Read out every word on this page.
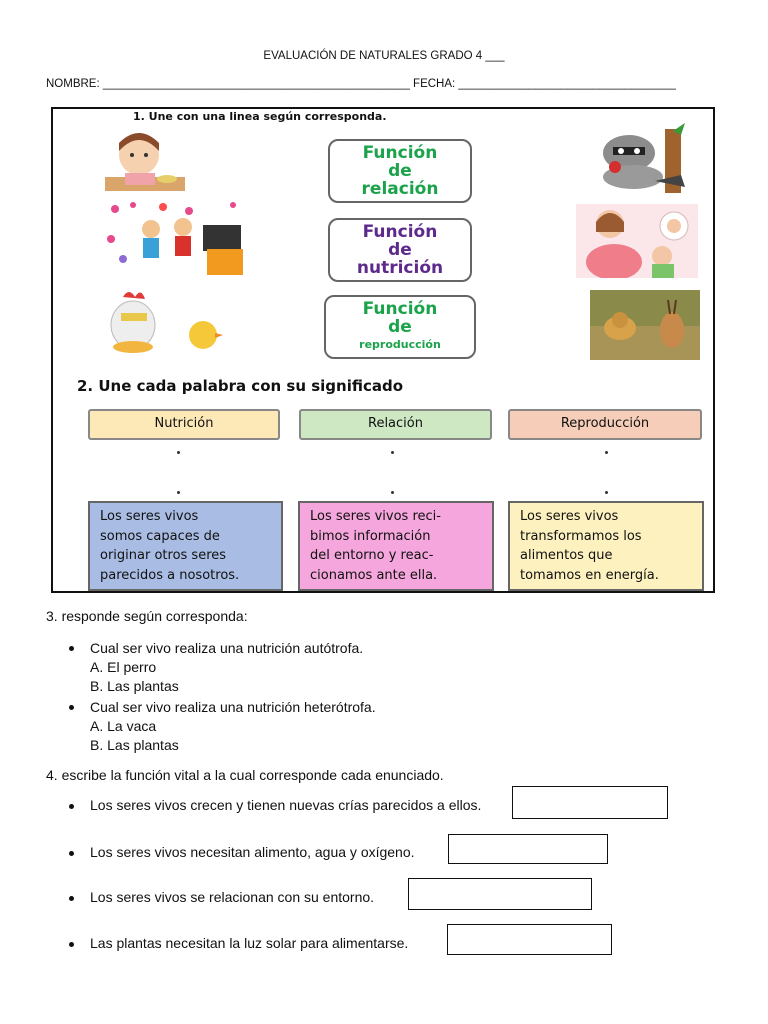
EVALUACIÓN DE NATURALES GRADO 4 ___
NOMBRE: ________________________________________________ FECHA: __________________________________
1. Une con una linea según corresponda.
Función
de
relación
Función
de
nutrición
Función
de
reproducción
2. Une cada palabra con su significado
Nutrición	Relación	Reproducción
Los seres vivos
somos capaces de
originar otros seres
parecidos a nosotros.
Los seres vivos reci-
bimos información
del entorno y reac-
cionamos ante ella.
Los seres vivos
transformamos los
alimentos que
tomamos en energía.
3. responde según corresponda:
Cual ser vivo realiza una nutrición autótrofa.
A. El perro
B. Las plantas
Cual ser vivo realiza una nutrición heterótrofa.
A. La vaca
B. Las plantas
4. escribe la función vital a la cual corresponde cada enunciado.
Los seres vivos crecen y tienen nuevas crías parecidos a ellos.
Los seres vivos necesitan alimento, agua y oxígeno.
Los seres vivos se relacionan con su entorno.
Las plantas necesitan la luz solar para alimentarse.
